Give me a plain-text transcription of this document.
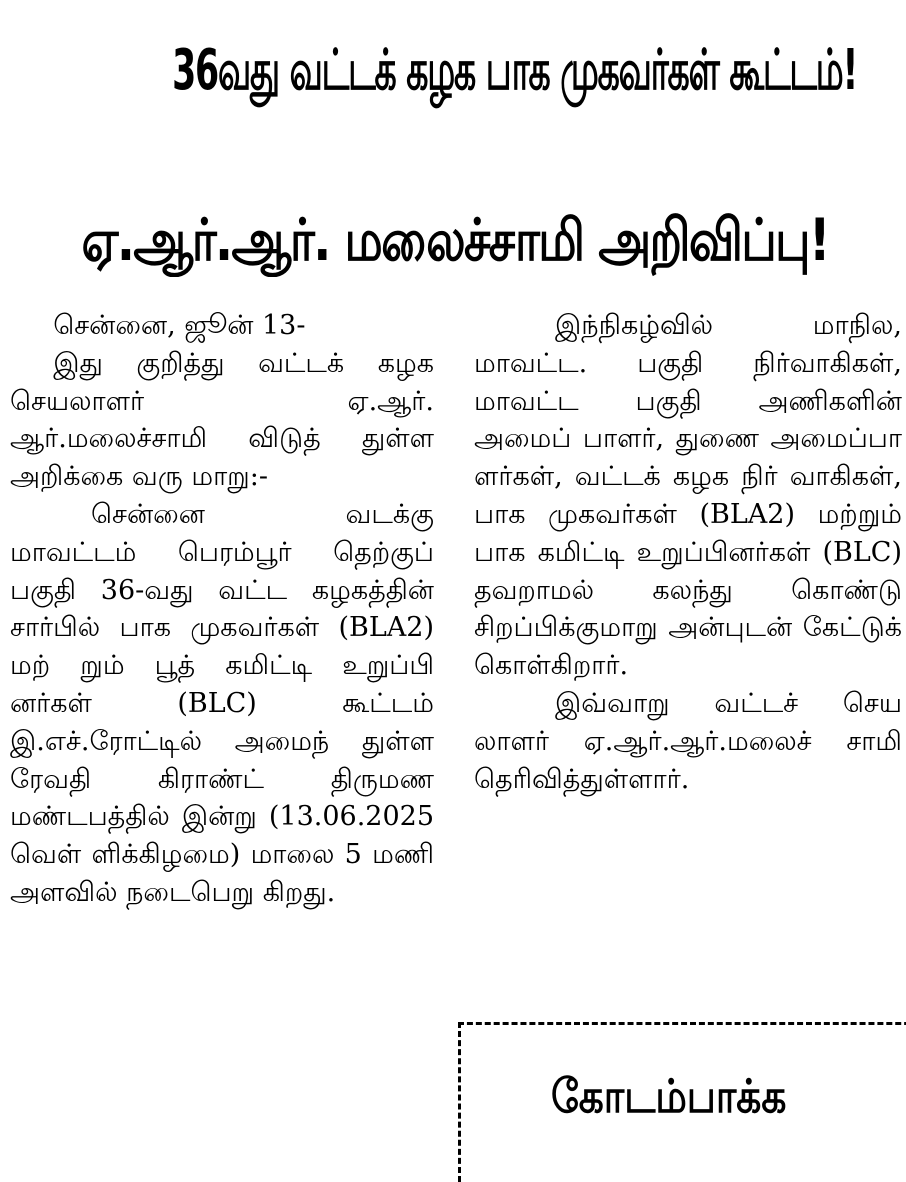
36வது வட்டக் கழக பாக முகவர்கள் கூட்டம்!
ஏ.ஆர்.ஆர். மலைச்சாமி அறிவிப்பு!

சென்னை, ஜூன் 13-

இது குறித்து வட்டக் கழக செயலாளர் ஏ.ஆர். ஆர்.மலைச்சாமி விடுத் துள்ள அறிக்கை வரு மாறு:-

சென்னை வடக்கு மாவட்டம் பெரம்பூர் தெற்குப் பகுதி 36-வது வட்ட கழகத்தின் சார்பில் பாக முகவர்கள் (BLA2) மற் றும் பூத் கமிட்டி உறுப்பி னர்கள் (BLC) கூட்டம் இ.எச்.ரோட்டில் அமைந் துள்ள ரேவதி கிராண்ட் திருமண மண்டபத்தில் இன்று (13.06.2025 வெள் ளிக்கிழமை) மாலை 5 மணி அளவில் நடைபெறு கிறது.

இந்நிகழ்வில் மாநில, மாவட்ட. பகுதி நிர்வாகிகள், மாவட்ட பகுதி அணிகளின் அமைப் பாளர், துணை அமைப்பா ளர்கள், வட்டக் கழக நிர் வாகிகள், பாக முகவர்கள் (BLA2) மற்றும் பாக கமிட்டி உறுப்பினர்கள் (BLC) தவறாமல் கலந்து கொண்டு சிறப்பிக்குமாறு அன்புடன் கேட்டுக் கொள்கிறார்.

இவ்வாறு வட்டச் செய லாளர் ஏ.ஆர்.ஆர்.மலைச் சாமி தெரிவித்துள்ளார்.

கோடம்பாக்க
